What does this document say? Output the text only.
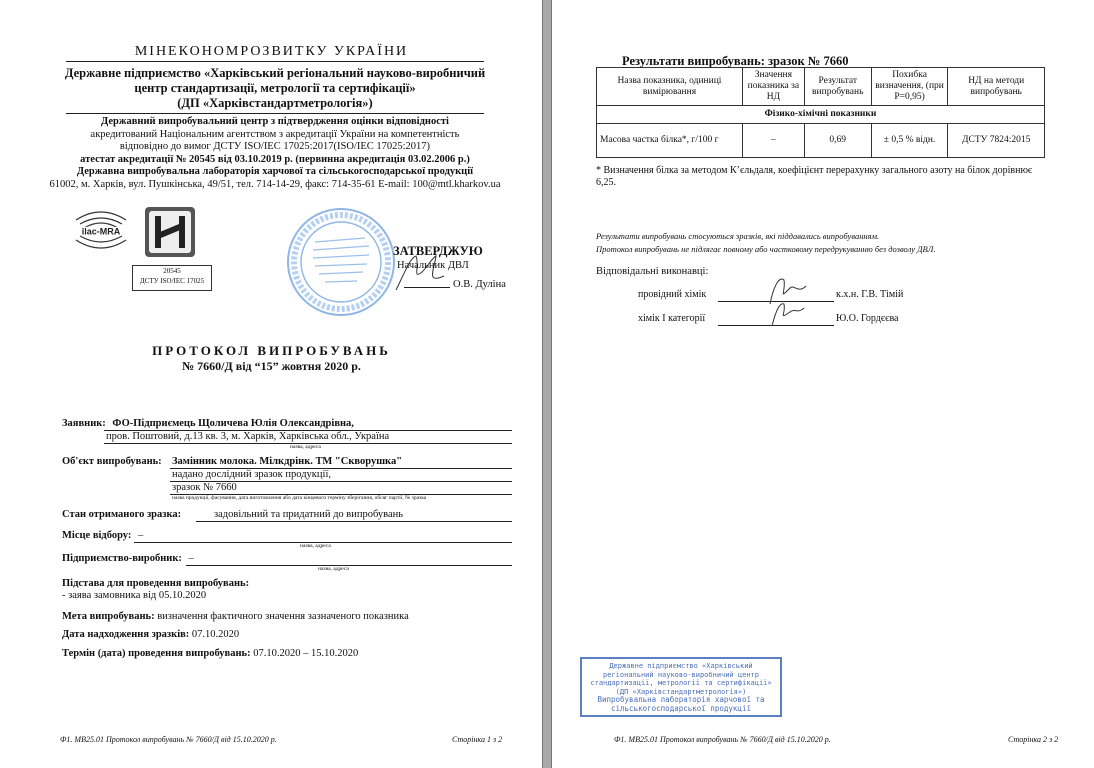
МІНЕКОНОМРОЗВИТКУ УКРАЇНИ
Державне підприємство «Харківський регіональний науково-виробничий
центр стандартизації, метрології та сертифікації»
(ДП «Харківстандартметрологія»)
Державний випробувальний центр з підтвердження оцінки відповідності
акредитований Національним агентством з акредитації України на компетентність
відповідно до вимог ДСТУ ISO/IEC 17025:2017(ISO/IEC 17025:2017)
атестат акредитації № 20545 від 03.10.2019 р. (первинна акредитація 03.02.2006 р.)
Державна випробувальна лабораторія харчової та сільськогосподарської продукції
61002, м. Харків, вул. Пушкінська, 49/51, тел. 714-14-29, факс: 714-35-61 E-mail: 100@mtl.kharkov.ua
ilac-MRA
20545
ДСТУ ISO/IEC 17025
ЗАТВЕРДЖУЮ
Начальник ДВЛ
О.В. Дуліна
ПРОТОКОЛ ВИПРОБУВАНЬ
№ 7660/Д від “15” жовтня 2020 р.
Заявник: ФО-Підприємець Щоличева Юлія Олександрівна,
пров. Поштовий, д.13 кв. 3, м. Харків, Харківська обл., Україна
назва, адреса
Об'єкт випробувань: Замінник молока. Мілкдрінк. ТМ "Скворушка"
надано дослідний зразок продукції,
зразок № 7660
назва продукції, фасування, дата виготовлення або дата кінцевого терміну зберігання, обсяг партії, № зразка
Стан отриманого зразка:	задовільний та придатний до випробувань
Місце відбору: –
назва, адреса
Підприємство-виробник: –
назва, адреса
Підстава для проведення випробувань:
- заява замовника від 05.10.2020
Мета випробувань: визначення фактичного значення зазначеного показника
Дата надходження зразків: 07.10.2020
Термін (дата) проведення випробувань: 07.10.2020 – 15.10.2020
Ф1. МВ25.01 Протокол випробувань № 7660/Д від 15.10.2020 р.	Сторінка 1 з 2
Результати випробувань: зразок № 7660
Назва показника, одиниці вимірювання	Значення показника за НД	Результат випробувань	Похибка визначення, (при P=0,95)	НД на методи випробувань
Фізико-хімічні показники				
Масова частка білка*, г/100 г	–	0,69	± 0,5 % відн.	ДСТУ 7824:2015
* Визначення білка за методом К’єльдаля, коефіцієнт перерахунку загального азоту на білок дорівнює 6,25.
Результати випробувань стосуються зразків, які піддавались випробуванням.
Протокол випробувань не підлягає повному або частковому передрукуванню без дозволу ДВЛ.
Відповідальні виконавці:
провідний хімік	к.х.н. Г.В. Тімій
хімік І категорії	Ю.О. Гордєєва
Державне підприємство «Харківський
регіональний науково-виробничий центр
стандартизації, метрології та сертифікації»
(ДП «Харківстандартметрологія»)
Випробувальна лабораторія харчової та
сільськогосподарської продукції
Ф1. МВ25.01 Протокол випробувань № 7660/Д від 15.10.2020 р.	Сторінка 2 з 2
